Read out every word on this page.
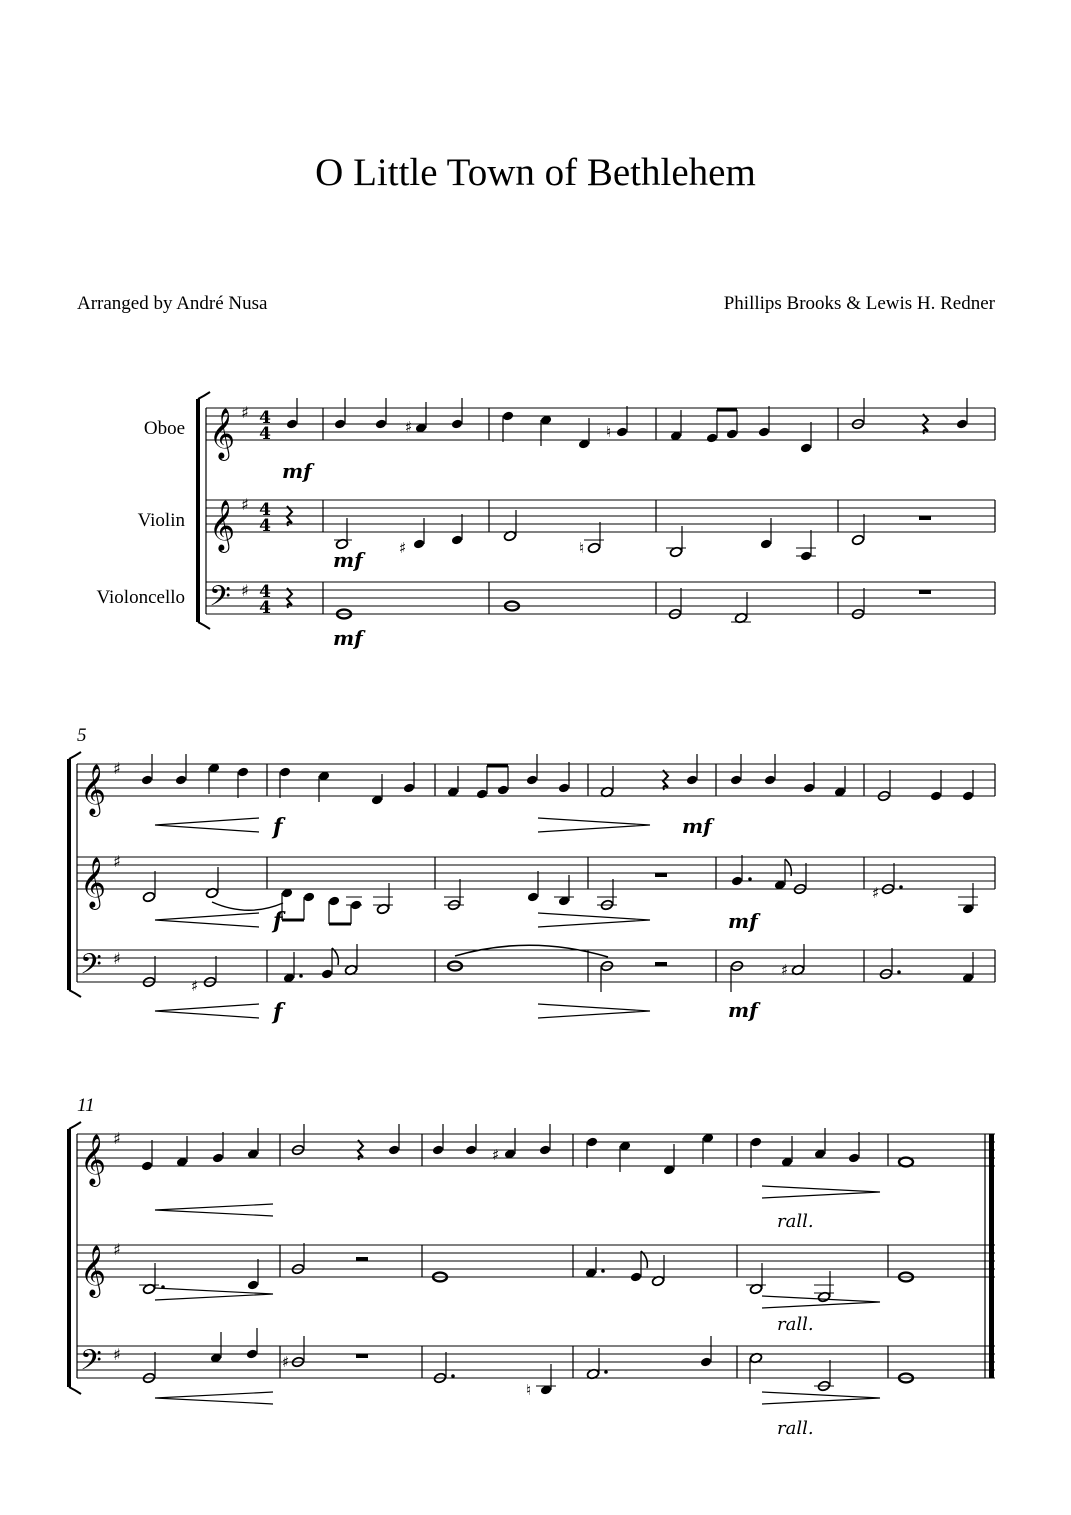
O Little Town of Bethlehem
Arranged by André Nusa	Phillips Brooks & Lewis H. Redner
Oboe
Violin
Violoncello
𝄞
𝄞
𝄢
♯
♯
♯
4
4
4
4
4
4
♯	♮
mf
♯	♮
mf
mf
5
𝄞
𝄞
𝄢
♯
♯
♯
f	mf
♯
f	mf
♯
♯
f	mf
11
𝄞
𝄞
𝄢
♯
♯
♯
♯
rall.
rall.
♯
♮
rall.
